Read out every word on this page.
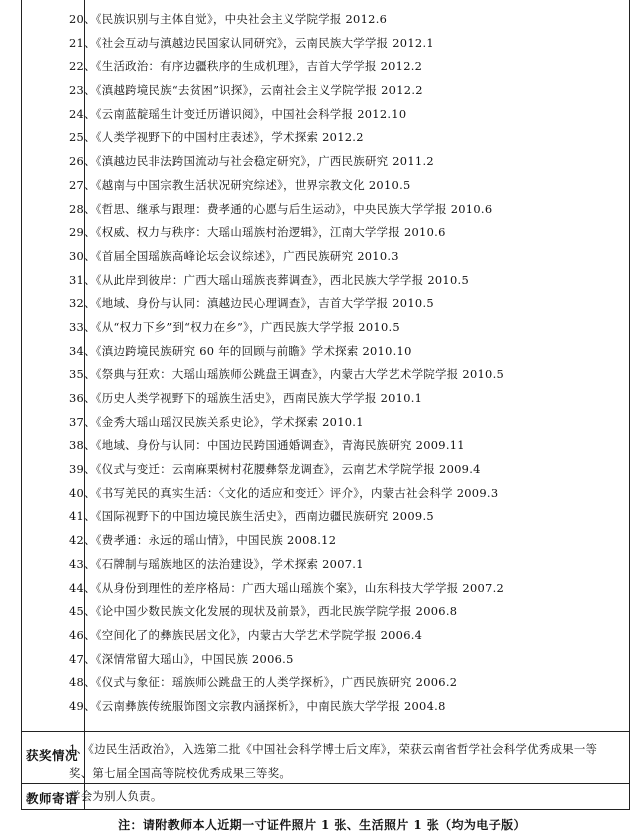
20、《民族识别与主体自觉》，中央社会主义学院学报 2012.6
21、《社会互动与滇越边民国家认同研究》，云南民族大学学报 2012.1
22、《生活政治：有序边疆秩序的生成机理》，吉首大学学报 2012.2
23、《滇越跨境民族“去贫困”识探》，云南社会主义学院学报 2012.2
24、《云南蓝靛瑶生计变迁历谱识阅》，中国社会科学报 2012.10
25、《人类学视野下的中国村庄表述》，学术探索 2012.2
26、《滇越边民非法跨国流动与社会稳定研究》，广西民族研究 2011.2
27、《越南与中国宗教生活状况研究综述》，世界宗教文化 2010.5
28、《哲思、继承与跟理：费孝通的心愿与后生运动》，中央民族大学学报 2010.6
29、《权威、权力与秩序：大瑶山瑶族村治逻辑》，江南大学学报 2010.6
30、《首届全国瑶族高峰论坛会议综述》，广西民族研究 2010.3
31、《从此岸到彼岸：广西大瑶山瑶族丧葬调查》，西北民族大学学报 2010.5
32、《地域、身份与认同：滇越边民心理调查》，吉首大学学报 2010.5
33、《从“权力下乡”到“权力在乡”》，广西民族大学学报 2010.5
34、《滇边跨境民族研究 60 年的回顾与前瞻》学术探索 2010.10
35、《祭典与狂欢：大瑶山瑶族师公跳盘王调查》，内蒙古大学艺术学院学报 2010.5
36、《历史人类学视野下的瑶族生活史》，西南民族大学学报 2010.1
37、《金秀大瑶山瑶汉民族关系史论》，学术探索 2010.1
38、《地域、身份与认同：中国边民跨国通婚调查》，青海民族研究 2009.11
39、《仪式与变迁：云南麻栗树村花腰彝祭龙调查》，云南艺术学院学报 2009.4
40、《书写羌民的真实生活：〈文化的适应和变迁〉评介》，内蒙古社会科学 2009.3
41、《国际视野下的中国边境民族生活史》，西南边疆民族研究 2009.5
42、《费孝通：永远的瑶山情》，中国民族 2008.12
43、《石牌制与瑶族地区的法治建设》，学术探索 2007.1
44、《从身份到理性的差序格局：广西大瑶山瑶族个案》，山东科技大学学报 2007.2
45、《论中国少数民族文化发展的现状及前景》，西北民族学院学报 2006.8
46、《空间化了的彝族民居文化》，内蒙古大学艺术学院学报 2006.4
47、《深情常留大瑶山》，中国民族 2006.5
48、《仪式与象征：瑶族师公跳盘王的人类学探析》，广西民族研究 2006.2
49、《云南彝族传统服饰图文宗教内涵探析》，中南民族大学学报 2004.8
获奖情况
1、《边民生活政治》，入选第二批《中国社会科学博士后文库》，荣获云南省哲学社会科学优秀成果一等奖、第七届全国高等院校优秀成果三等奖。
教师寄语
学会为别人负责。
注：请附教师本人近期一寸证件照片 1 张、生活照片 1 张（均为电子版）
